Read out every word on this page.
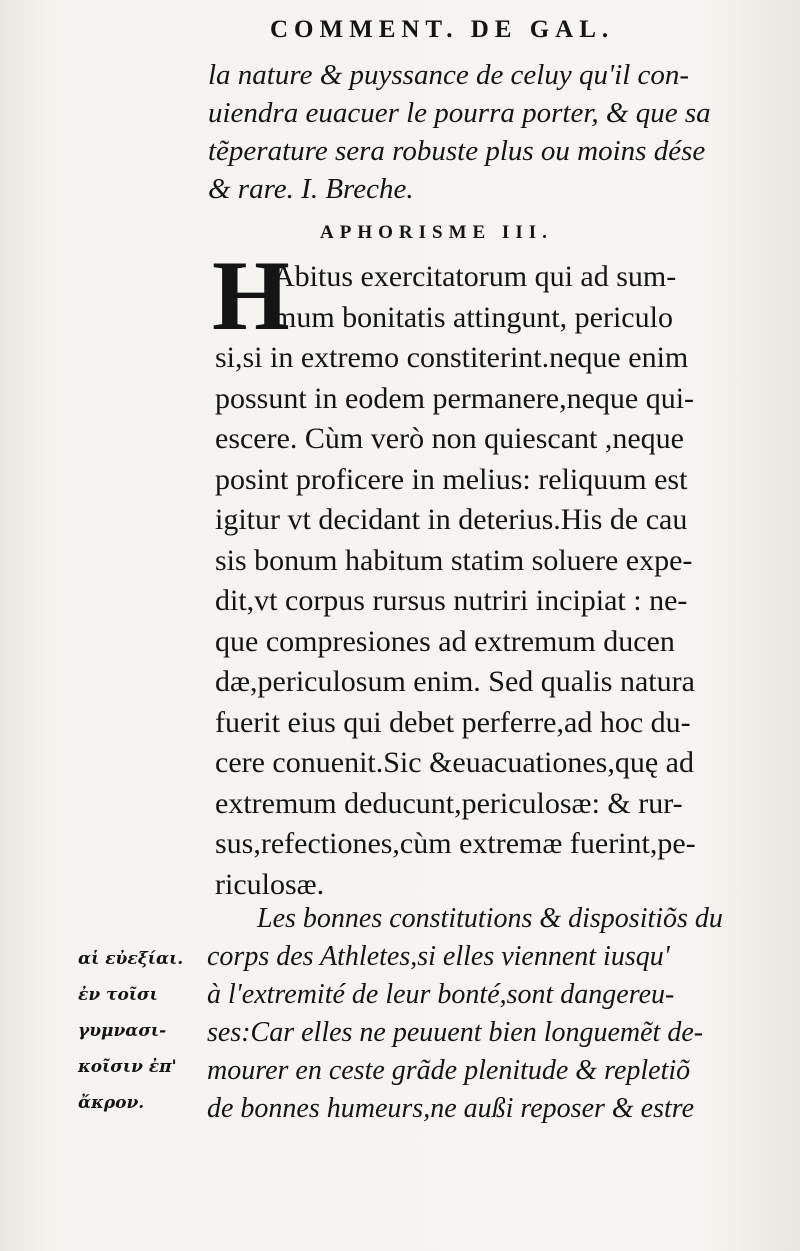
COMMENT. DE GAL.
la nature & puyssance de celuy qu'il con-
uiendra euacuer le pourra porter, & que sa
tẽperature sera robuste plus ou moins dése
& rare. I. Breche.
APHORISME III.
H
Abitus exercitatorum qui ad sum-
mum bonitatis attingunt, periculo
si,si in extremo constiterint.neque enim
possunt in eodem permanere,neque qui-
escere. Cùm verò non quiescant ,neque
posint proficere in melius: reliquum est
igitur vt decidant in deterius.His de cau
sis bonum habitum statim soluere expe-
dit,vt corpus rursus nutriri incipiat : ne-
que compresiones ad extremum ducen
dæ,periculosum enim. Sed qualis natura
fuerit eius qui debet perferre,ad hoc du-
cere conuenit.Sic &euacuationes,quę ad
extremum deducunt,periculosæ: & rur-
sus,refectiones,cùm extremæ fuerint,pe-
riculosæ.
αἱ εὐεξίαι.
ἐν τοῖσι
γυμνασι-
κοῖσιν ἐπ'
ἄκρον.
Les bonnes constitutions & dispositiõs du
corps des Athletes,si elles viennent iusqu'
à l'extremité de leur bonté,sont dangereu-
ses:Car elles ne peuuent bien longuemẽt de-
mourer en ceste grãde plenitude & repletiõ
de bonnes humeurs,ne außi reposer & estre
